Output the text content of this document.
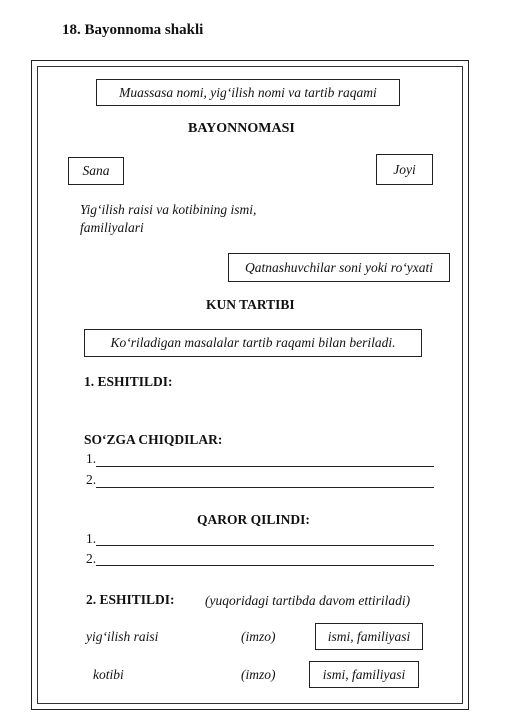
18. Bayonnoma shakli
Muassasa nomi, yig‘ilish nomi va tartib raqami
BAYONNOMASI
Sana	Joyi
Yig‘ilish raisi va kotibining ismi,
familiyalari
Qatnashuvchilar soni yoki ro‘yxati
KUN TARTIBI
Ko‘riladigan masalalar tartib raqami bilan beriladi.
1. ESHITILDI:
SO‘ZGA CHIQDILAR:
1.
2.
QAROR QILINDI:
1.
2.
2. ESHITILDI: (yuqoridagi tartibda davom ettiriladi)
yig‘ilish raisi	(imzo)	ismi, familiyasi
kotibi	(imzo)	ismi, familiyasi
